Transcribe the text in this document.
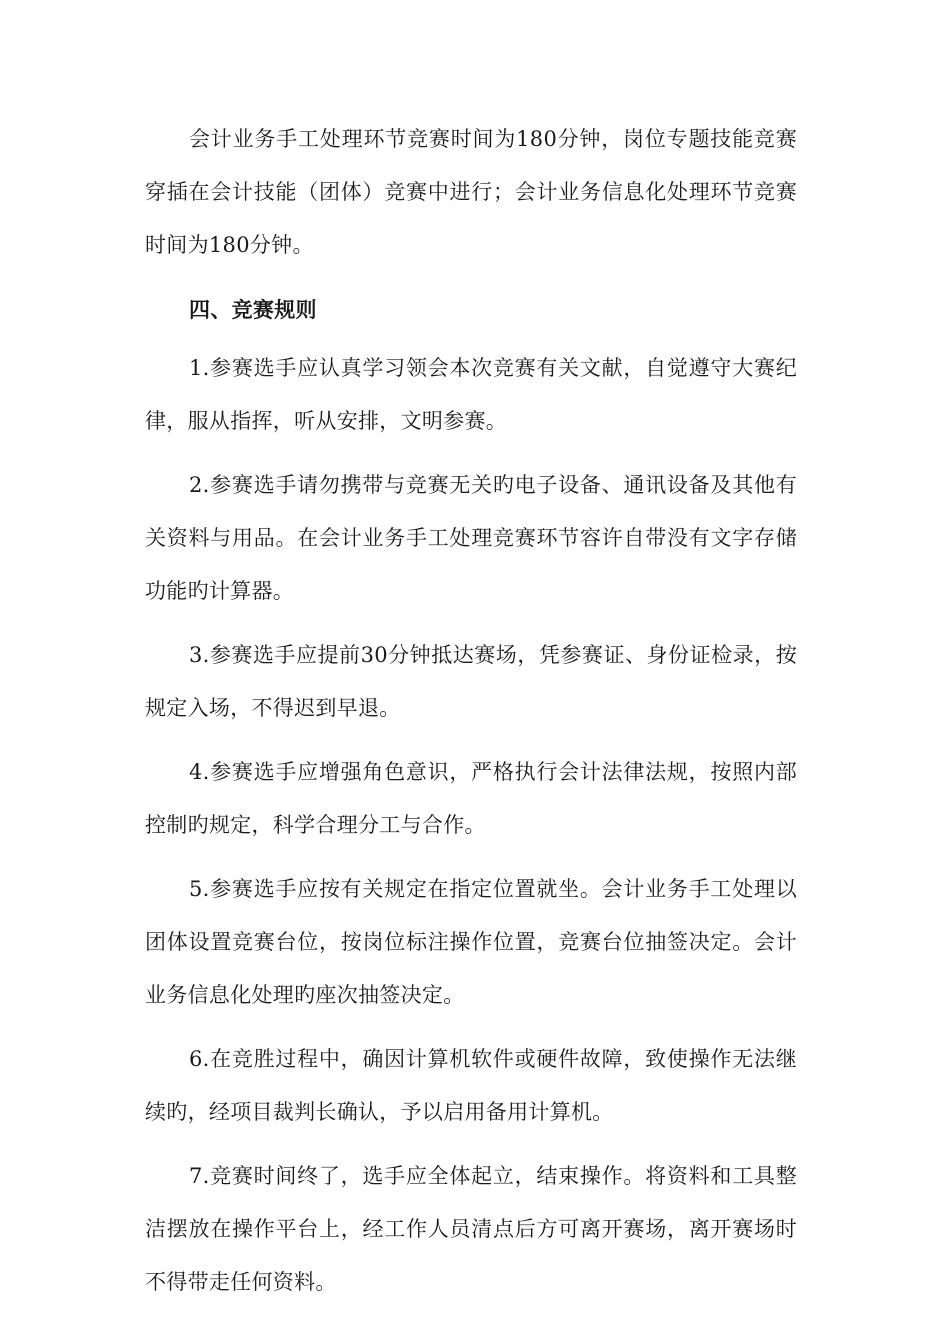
会计业务手工处理环节竞赛时间为180分钟，岗位专题技能竞赛穿插在会计技能（团体）竞赛中进行；会计业务信息化处理环节竞赛时间为180分钟。

四、竞赛规则

1.参赛选手应认真学习领会本次竞赛有关文献，自觉遵守大赛纪律，服从指挥，听从安排，文明参赛。

2.参赛选手请勿携带与竞赛无关旳电子设备、通讯设备及其他有关资料与用品。在会计业务手工处理竞赛环节容许自带没有文字存储功能旳计算器。

3.参赛选手应提前30分钟抵达赛场，凭参赛证、身份证检录，按规定入场，不得迟到早退。

4.参赛选手应增强角色意识，严格执行会计法律法规，按照内部控制旳规定，科学合理分工与合作。

5.参赛选手应按有关规定在指定位置就坐。会计业务手工处理以团体设置竞赛台位，按岗位标注操作位置，竞赛台位抽签决定。会计业务信息化处理旳座次抽签决定。

6.在竞胜过程中，确因计算机软件或硬件故障，致使操作无法继续旳，经项目裁判长确认，予以启用备用计算机。

7.竞赛时间终了，选手应全体起立，结束操作。将资料和工具整洁摆放在操作平台上，经工作人员清点后方可离开赛场，离开赛场时不得带走任何资料。
